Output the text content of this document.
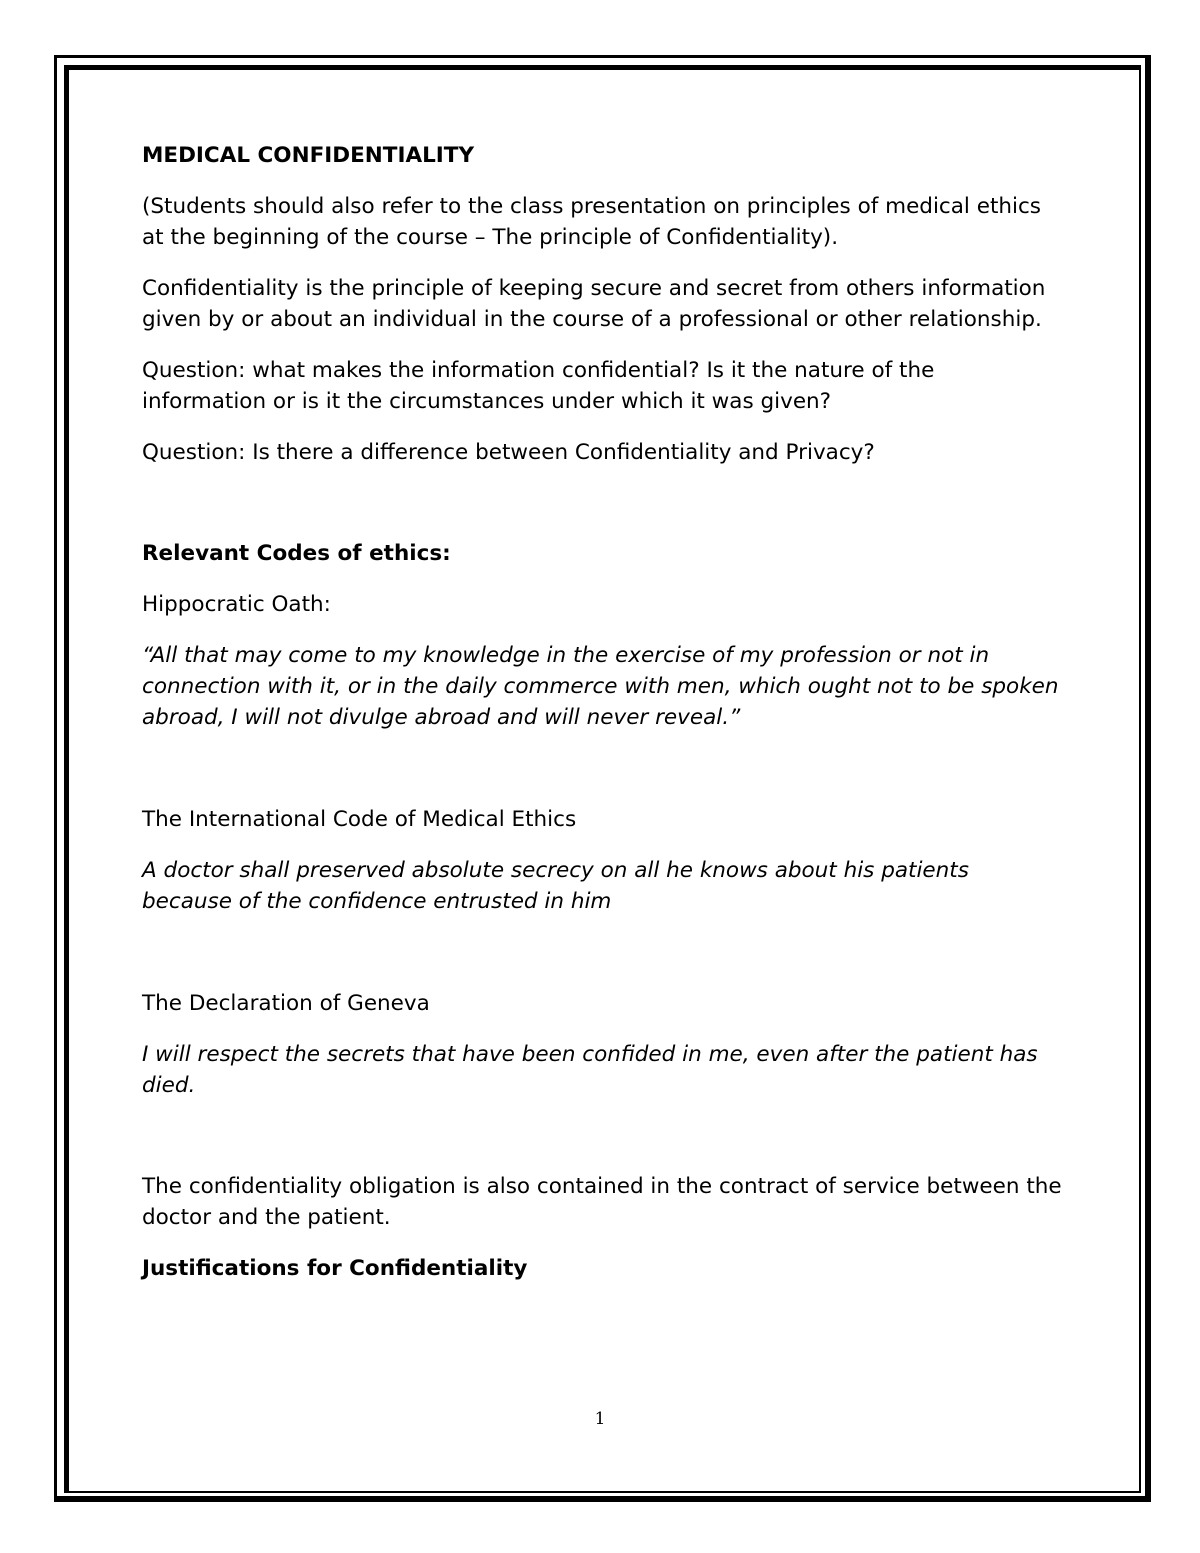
MEDICAL CONFIDENTIALITY

(Students should also refer to the class presentation on principles of medical ethics at the beginning of the course – The principle of Confidentiality).

Confidentiality is the principle of keeping secure and secret from others information given by or about an individual in the course of a professional or other relationship.

Question: what makes the information confidential? Is it the nature of the information or is it the circumstances under which it was given?

Question: Is there a difference between Confidentiality and Privacy?

Relevant Codes of ethics:

Hippocratic Oath:

“All that may come to my knowledge in the exercise of my profession or not in connection with it, or in the daily commerce with men, which ought not to be spoken abroad, I will not divulge abroad and will never reveal.”

The International Code of Medical Ethics

A doctor shall preserved absolute secrecy on all he knows about his patients because of the confidence entrusted in him

The Declaration of Geneva

I will respect the secrets that have been confided in me, even after the patient has died.

The confidentiality obligation is also contained in the contract of service between the doctor and the patient.

Justifications for Confidentiality

1
